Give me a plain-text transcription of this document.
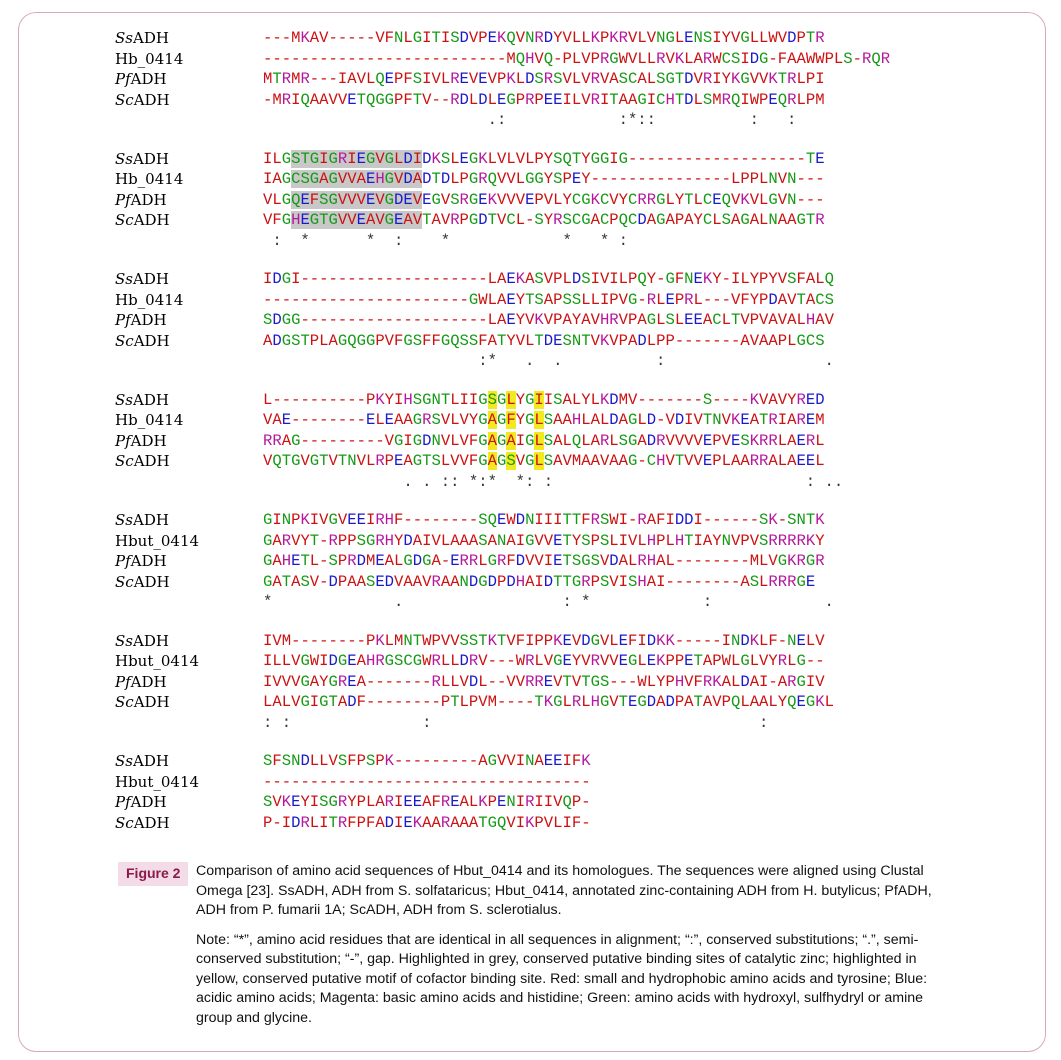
SsADH	---MKAV-----VFNLGITISDVPEKQVNRDYVLLKPKRVLVNGLENSIYVGLLWVDPTR
Hb_0414	--------------------------MQHVQ-PLVPRGWVLLRVKLARWCSIDG-FAAWWPLS-RQR
PfADH	MTRMR---IAVLQEPFSIVLREVEVPKLDSRSVLVRVASCALSGTDVRIYKGVVKTRLPI
ScADH	-MRIQAAVVETQGGPFTV--RDLDLEGPRPEEILVRITAAGICHTDLSMRQIWPEQRLPM
.:            :*::          :   :
SsADH	ILGSTGIGRIEGVGLDIDKSLEGKLVLVLPYSQTYGGIG-------------------TE
Hb_0414	IAGCSGAGVVAEHGVDADTDLPGRQVVLGGYSPEY---------------LPPLNVN---
PfADH	VLGQEFSGVVVEVGDEVEGVSRGEKVVVEPVLYCGKCVYCRRGLYTLCEQVKVLGVN---
ScADH	VFGHEGTGVVEAVGEAVTAVRPGDTVCL-SYRSCGACPQCDAGAPAYCLSAGALNAAGTR
:  *      *  :    *            *   * :
SsADH	IDGI--------------------LAEKASVPLDSIVILPQY-GFNEKY-ILYPYVSFALQ
Hb_0414	----------------------GWLAEYTSAPSSLLIPVG-RLEPRL---VFYPDAVTACS
PfADH	SDGG--------------------LAEYVKVPAYAVHRVPAGLSLEEACLTVPVAVALHAV
ScADH	ADGSTPLAGQGGPVFGSFFGQSSFATYVLTDESNTVKVPADLPP-------AVAAPLGCS
:*   .  .          :                 .
SsADH	L----------PKYIHSGNTLIIGSGLYGIISALYLKDMV-------S----KVAVYRED
Hb_0414	VAE--------ELEAAGRSVLVYGAGFYGLSAAHLALDAGLD-VDIVTNVKEATRIAREM
PfADH	RRAG---------VGIGDNVLVFGAGAIGLSALQLARLSGADRVVVVEPVESKRRLAERL
ScADH	VQTGVGTVTNVLRPEAGTSLVVFGAGSVGLSAVMAAVAAG-CHVTVVEPLAARRALAEEL
. . :: *:*  *: :                           : ..
SsADH	GINPKIVGVEEIRHF--------SQEWDNIIITTFRSWI-RAFIDDI------SK-SNTK
Hbut_0414	GARVYT-RPPSGRHYDAIVLAAASANAIGVVETYSPSLIVLHPLHTIAYNVPVSRRRRKY
PfADH	GAHETL-SPRDMEALGDGA-ERRLGRFDVVIETSGSVDALRHAL--------MLVGKRGR
ScADH	GATASV-DPAASEDVAAVRAANDGDPDHAIDTTGRPSVISHAI--------ASLRRRGE
*             .                 : *            :            .
SsADH	IVM--------PKLMNTWPVVSSTKTVFIPPKEVDGVLEFIDKK-----INDKLF-NELV
Hbut_0414	ILLVGWIDGEAHRGSCGWRLLDRV---WRLVGEYVRVVEGLEKPPETAPWLGLVYRLG--
PfADH	IVVVGAYGREA-------RLLVDL--VVRREVTVTGS---WLYPHVFRKALDAI-ARGIV
ScADH	LALVGIGTADF--------PTLPVM----TKGLRLHGVTEGDADPATAVPQLAALYQEGKL
: :              :                                   :
SsADH	SFSNDLLVSFPSPK---------AGVVINAEEIFK
Hbut_0414	-----------------------------------
PfADH	SVKEYISGRYPLARIEEAFREALKPENIRIIVQP-
ScADH	P-IDRLITRFPFADIEKAARAAATGQVIKPVLIF-
Figure 2	Comparison of amino acid sequences of Hbut_0414 and its homologues. The sequences were aligned using Clustal Omega [23]. SsADH, ADH from S. solfataricus; Hbut_0414, annotated zinc-containing ADH from H. butylicus; PfADH, ADH from P. fumarii 1A; ScADH, ADH from S. sclerotialus.
Note: “*”, amino acid residues that are identical in all sequences in alignment; “:”, conserved substitutions; “.”, semi-conserved substitution; “-”, gap. Highlighted in grey, conserved putative binding sites of catalytic zinc; highlighted in yellow, conserved putative motif of cofactor binding site. Red: small and hydrophobic amino acids and tyrosine; Blue: acidic amino acids; Magenta: basic amino acids and histidine; Green: amino acids with hydroxyl, sulfhydryl or amine group and glycine.
